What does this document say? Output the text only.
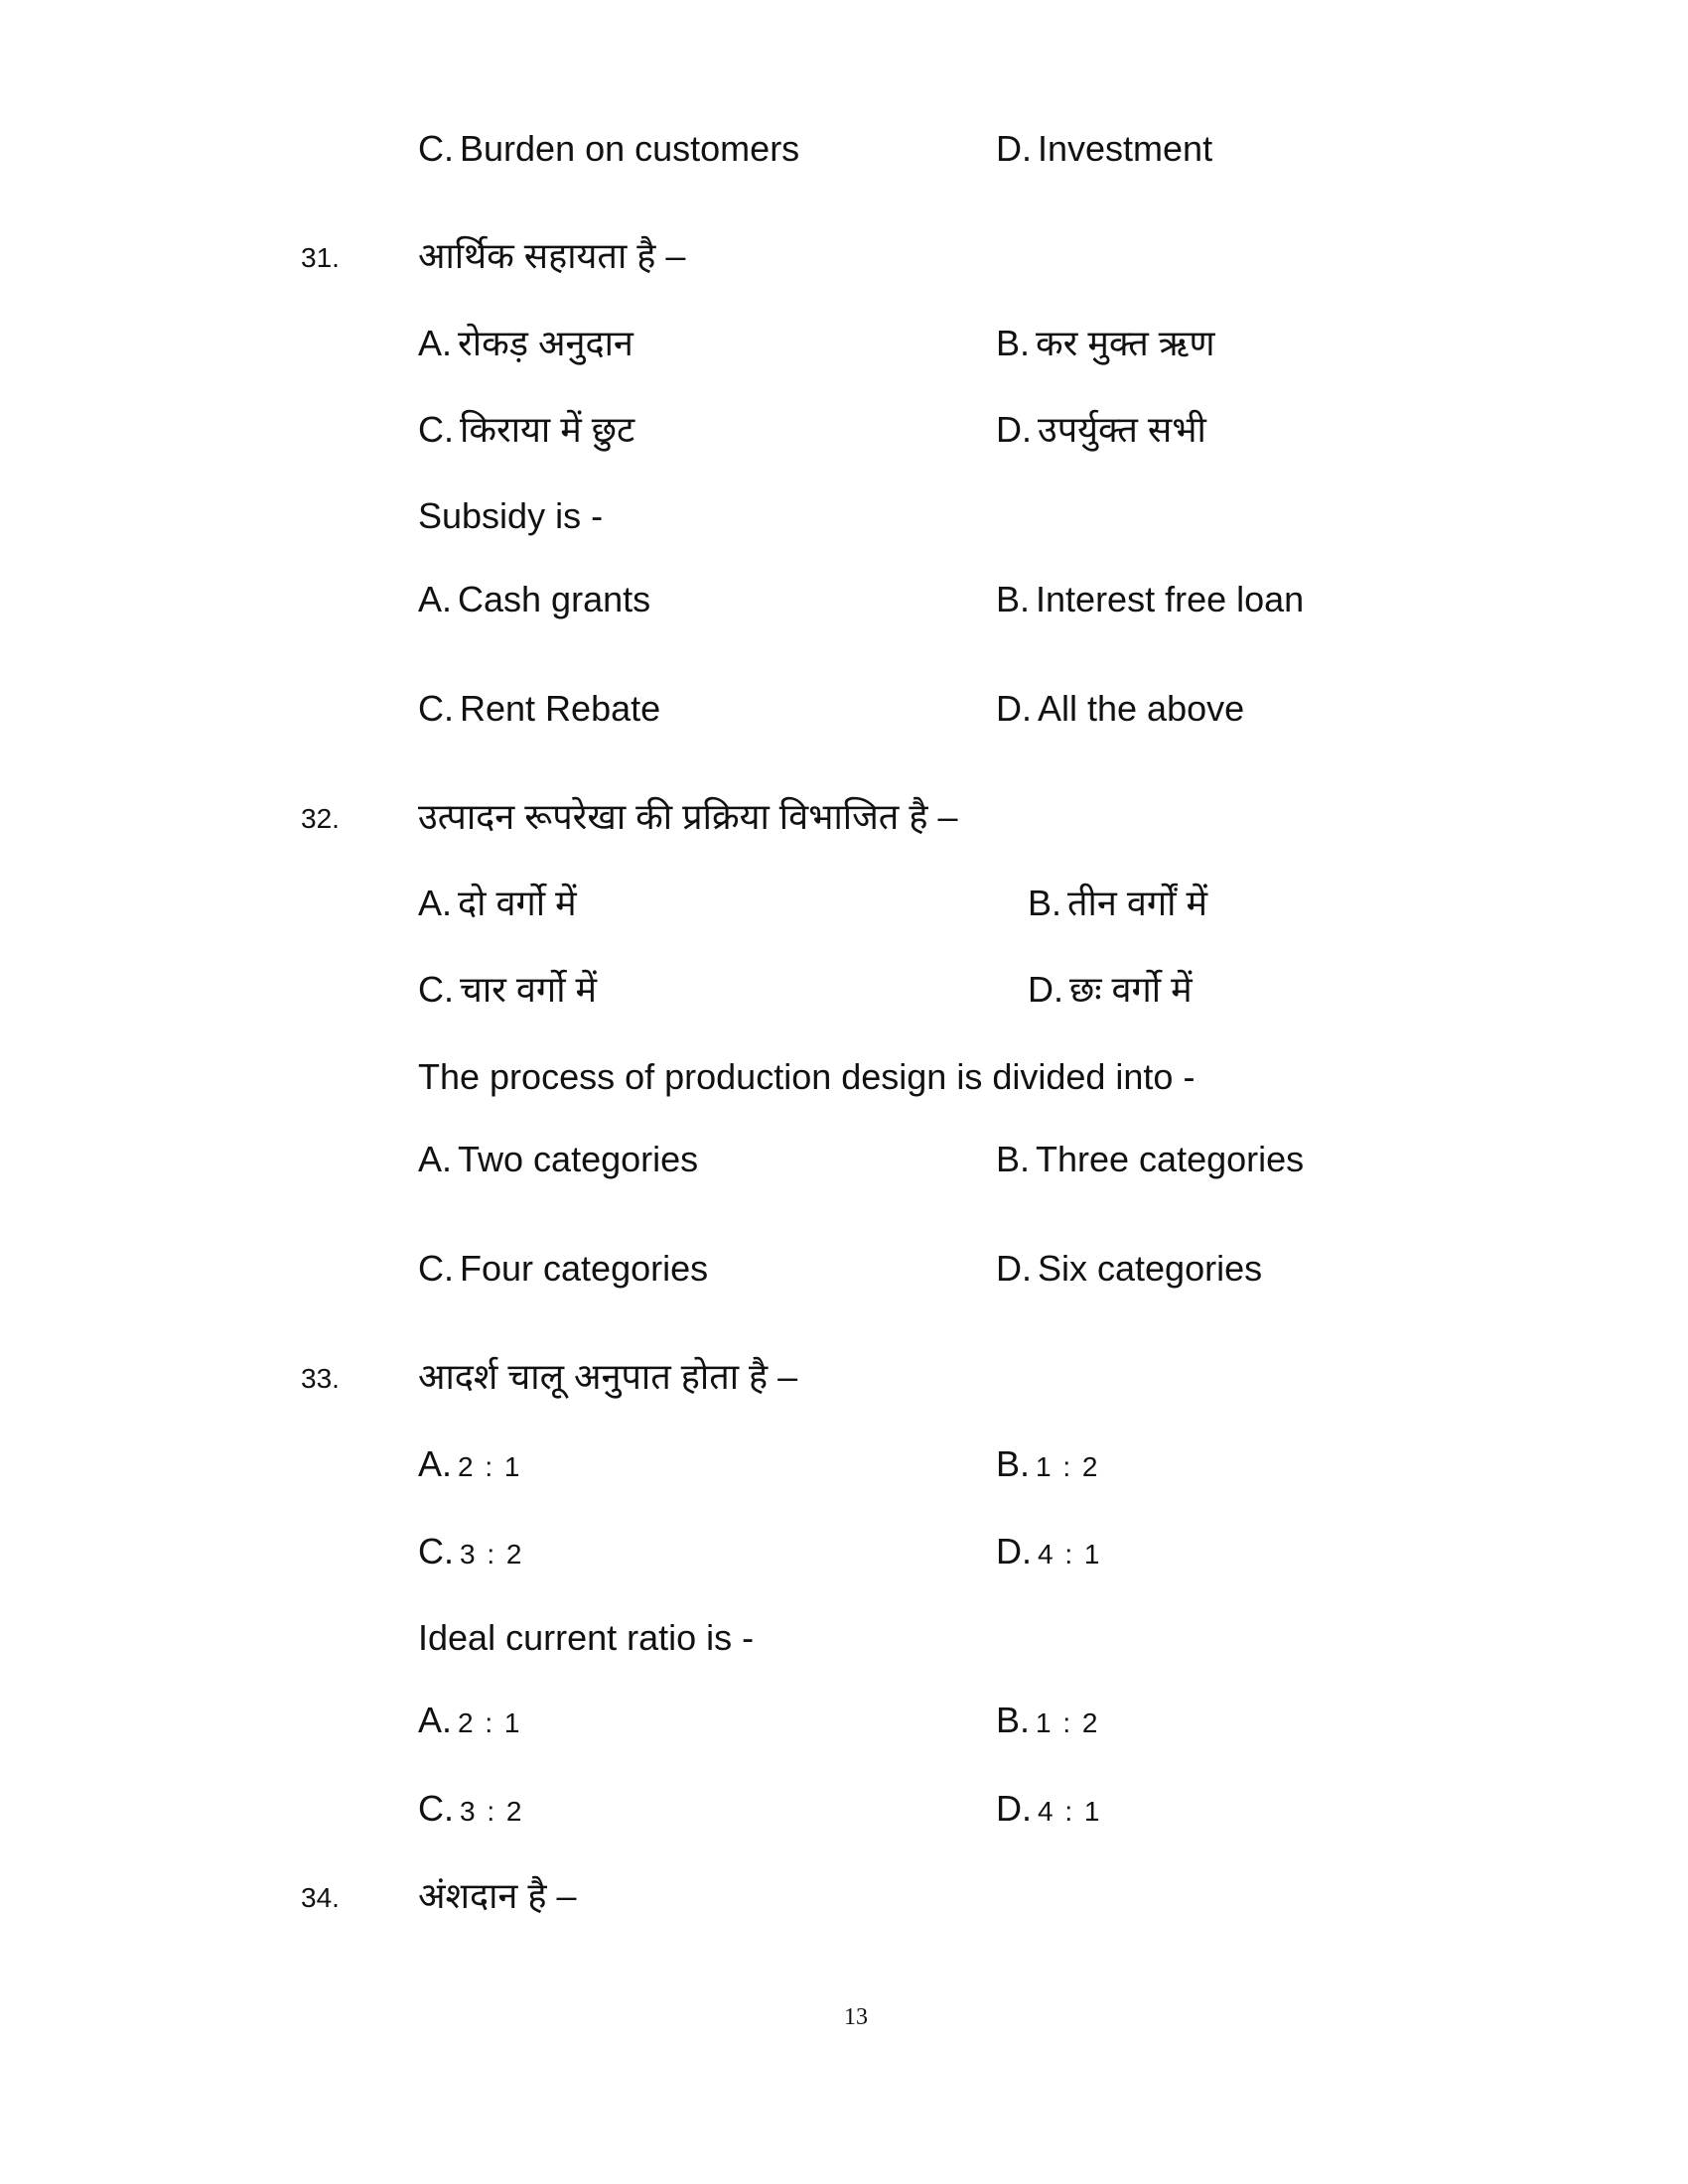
C. Burden on customers	D. Investment
31. आर्थिक सहायता है –
A. रोकड़ अनुदान	B. कर मुक्त ऋण
C. किराया में छुट	D. उपर्युक्त सभी
Subsidy is -
A. Cash grants	B. Interest free loan
C. Rent Rebate	D. All the above
32. उत्पादन रूपरेखा की प्रक्रिया विभाजित है –
A. दो वर्गो में	B. तीन वर्गों में
C. चार वर्गो में	D. छः वर्गो में
The process of production design is divided into -
A. Two categories	B. Three categories
C. Four categories	D. Six categories
33. आदर्श चालू अनुपात होता है –
A. 2 : 1	B. 1 : 2
C. 3 : 2	D. 4 : 1
Ideal current ratio is -
A. 2 : 1	B. 1 : 2
C. 3 : 2	D. 4 : 1
34. अंशदान है –
13
